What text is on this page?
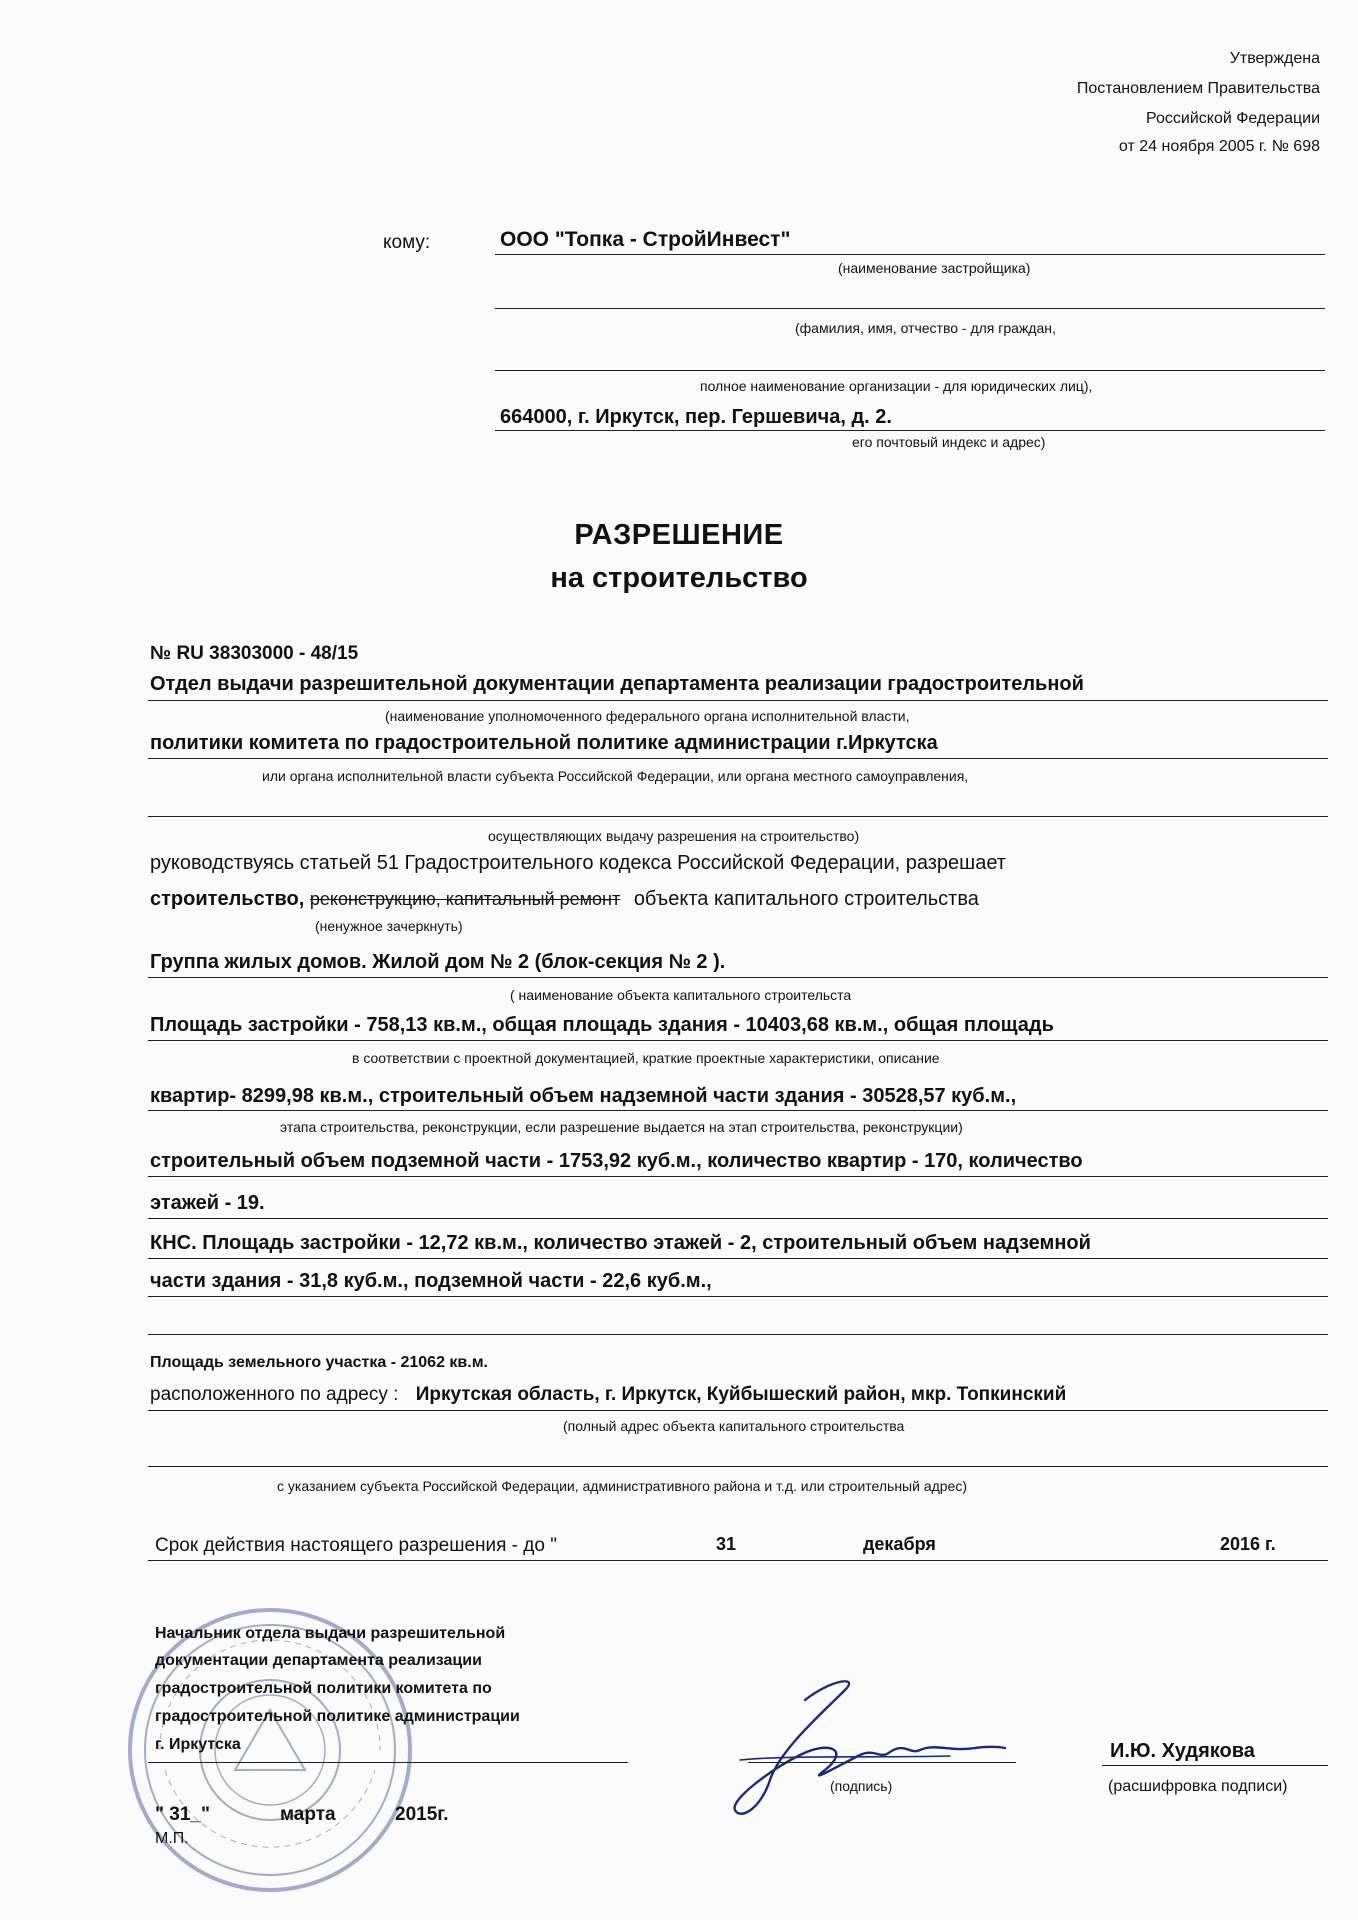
Утверждена
Постановлением Правительства
Российской Федерации
от 24 ноября 2005 г. № 698
кому:	ООО "Топка - СтройИнвест"
(наименование застройщика)
(фамилия, имя, отчество - для граждан,
полное наименование организации - для юридических лиц),
664000, г. Иркутск, пер. Гершевича, д. 2.
его почтовый индекс и адрес)
РАЗРЕШЕНИЕ
на строительство
№ RU 38303000 - 48/15
Отдел выдачи разрешительной документации департамента реализации градостроительной
(наименование уполномоченного федерального органа исполнительной власти,
политики комитета по градостроительной политике администрации г.Иркутска
или органа исполнительной власти субъекта Российской Федерации, или органа местного самоуправления,
осуществляющих выдачу разрешения на строительство)
руководствуясь статьей 51 Градостроительного кодекса Российской Федерации, разрешает
строительство, реконструкцию, капитальный ремонт объекта капитального строительства
(ненужное зачеркнуть)
Группа жилых домов. Жилой дом № 2 (блок-секция № 2 ).
( наименование объекта капитального строительста
Площадь застройки - 758,13 кв.м., общая площадь здания - 10403,68 кв.м., общая площадь
в соответствии с проектной документацией, краткие проектные характеристики, описание
квартир- 8299,98 кв.м., строительный объем надземной части здания - 30528,57 куб.м.,
этапа строительства, реконструкции, если разрешение выдается на этап строительства, реконструкции)
строительный объем подземной части - 1753,92 куб.м., количество квартир - 170, количество
этажей - 19.
КНС. Площадь застройки - 12,72 кв.м., количество этажей - 2, строительный объем надземной
части здания - 31,8 куб.м., подземной части - 22,6 куб.м.,
Площадь земельного участка - 21062 кв.м.
расположенного по адресу : Иркутская область, г. Иркутск, Куйбышеский район, мкр. Топкинский
(полный адрес объекта капитального строительства
с указанием субъекта Российской Федерации, административного района и т.д. или строительный адрес)
Срок действия настоящего разрешения - до "	31	декабря	2016 г.
Начальник отдела выдачи разрешительной
документации департамента реализации
градостроительной политики комитета по
градостроительной политике администрации
г. Иркутска
(подпись)
И.Ю. Худякова
(расшифровка подписи)
" 31_"	марта	2015г.
М.П.
